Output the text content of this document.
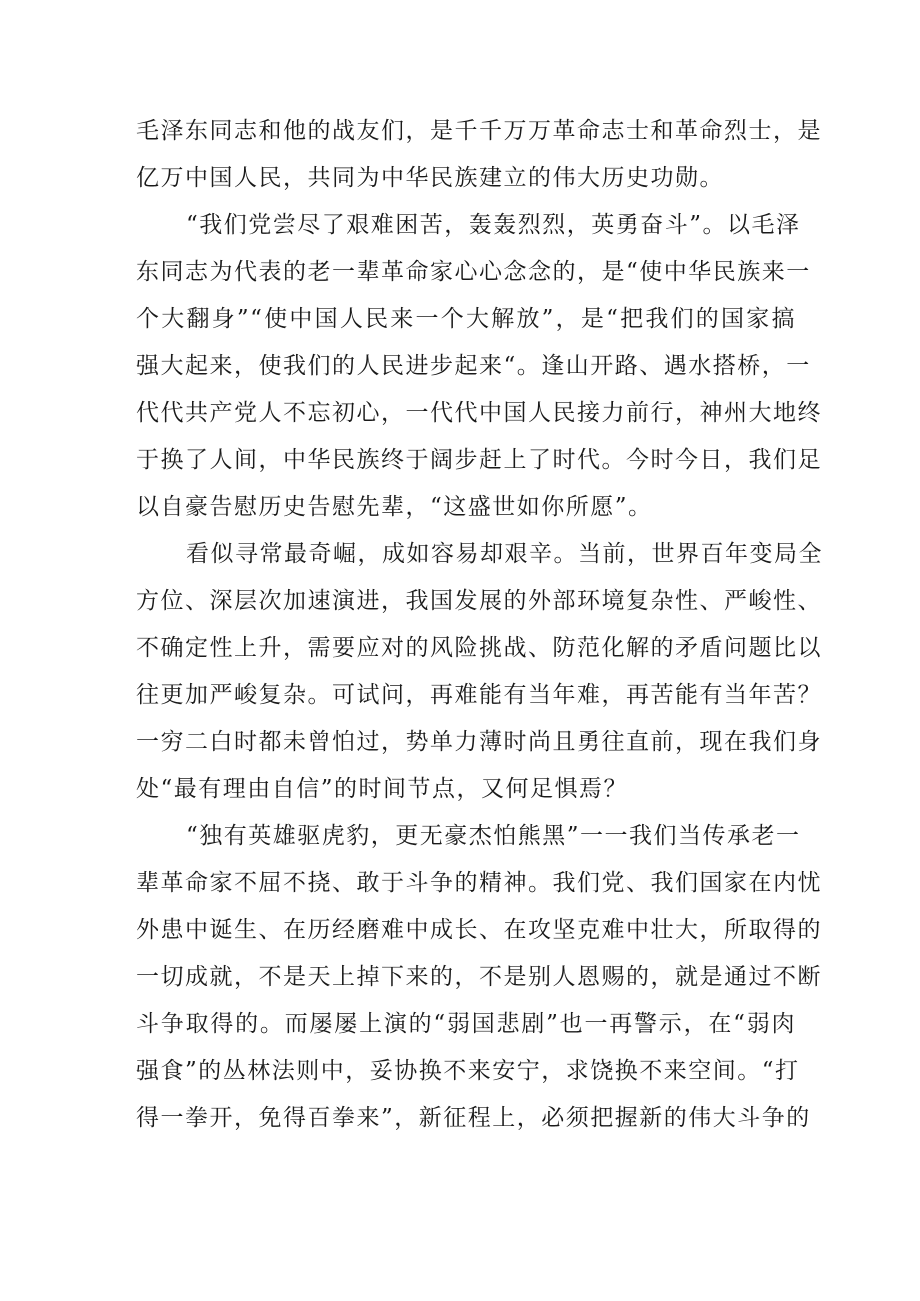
毛泽东同志和他的战友们，是千千万万革命志士和革命烈士，是
亿万中国人民，共同为中华民族建立的伟大历史功勋。
“我们党尝尽了艰难困苦，轰轰烈烈，英勇奋斗”。以毛泽
东同志为代表的老一辈革命家心心念念的，是“使中华民族来一
个大翻身”“使中国人民来一个大解放”，是“把我们的国家搞
强大起来，使我们的人民进步起来“。逢山开路、遇水搭桥，一
代代共产党人不忘初心，一代代中国人民接力前行，神州大地终
于换了人间，中华民族终于阔步赶上了时代。今时今日，我们足
以自豪告慰历史告慰先辈，“这盛世如你所愿”。
看似寻常最奇崛，成如容易却艰辛。当前，世界百年变局全
方位、深层次加速演进，我国发展的外部环境复杂性、严峻性、
不确定性上升，需要应对的风险挑战、防范化解的矛盾问题比以
往更加严峻复杂。可试问，再难能有当年难，再苦能有当年苦？
一穷二白时都未曾怕过，势单力薄时尚且勇往直前，现在我们身
处“最有理由自信”的时间节点，又何足惧焉？
“独有英雄驱虎豹，更无豪杰怕熊黑”一一我们当传承老一
辈革命家不屈不挠、敢于斗争的精神。我们党、我们国家在内忧
外患中诞生、在历经磨难中成长、在攻坚克难中壮大，所取得的
一切成就，不是天上掉下来的，不是别人恩赐的，就是通过不断
斗争取得的。而屡屡上演的“弱国悲剧”也一再警示，在“弱肉
强食”的丛林法则中，妥协换不来安宁，求饶换不来空间。“打
得一拳开，免得百拳来”，新征程上，必须把握新的伟大斗争的
